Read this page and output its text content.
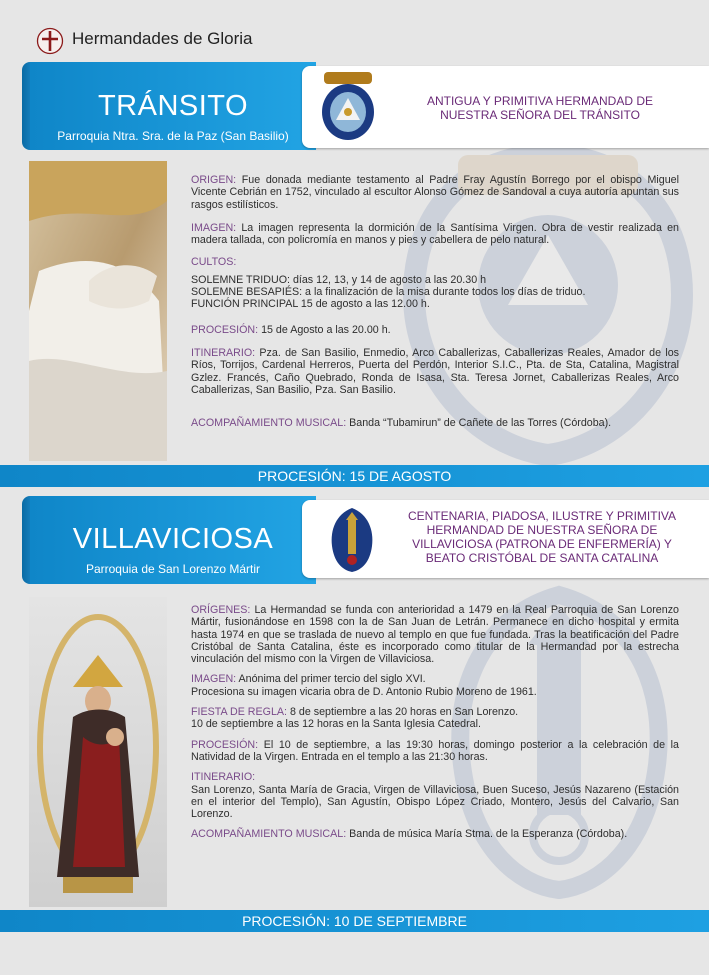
Hermandades de Gloria
TRÁNSITO
Parroquia Ntra. Sra. de la Paz (San Basilio)
ANTIGUA Y PRIMITIVA HERMANDAD DE NUESTRA SEÑORA DEL TRÁNSITO

ORIGEN: Fue donada mediante testamento al Padre Fray Agustín Borrego por el obispo Miguel Vicente Cebrián en 1752, vinculado al escultor Alonso Gómez de Sandoval a cuya autoría apuntan sus rasgos estilísticos.

IMAGEN: La imagen representa la dormición de la Santísima Virgen. Obra de vestir realizada en madera tallada, con policromía en manos y pies y cabellera de pelo natural.

CULTOS:

SOLEMNE TRIDUO: días 12, 13, y 14 de agosto a las 20.30 h

SOLEMNE BESAPIÉS: a la finalización de la misa durante todos los días de triduo.

FUNCIÓN PRINCIPAL 15 de agosto a las 12.00 h.

PROCESIÓN: 15 de Agosto a las 20.00 h.

ITINERARIO: Pza. de San Basilio, Enmedio, Arco Caballerizas, Caballerizas Reales, Amador de los Ríos, Torrijos, Cardenal Herreros, Puerta del Perdón, Interior S.I.C., Pta. de Sta, Catalina, Magistral Gzlez. Francés, Caño Quebrado, Ronda de Isasa, Sta. Teresa Jornet, Caballerizas Reales, Arco Caballerizas, San Basilio, Pza. San Basilio.

ACOMPAÑAMIENTO MUSICAL: Banda “Tubamirun” de Cañete de las Torres (Córdoba).

PROCESIÓN: 15 DE AGOSTO
VILLAVICIOSA
Parroquia de San Lorenzo Mártir
CENTENARIA, PIADOSA, ILUSTRE Y PRIMITIVA HERMANDAD DE NUESTRA SEÑORA DE VILLAVICIOSA (PATRONA DE ENFERMERÍA) Y BEATO CRISTÓBAL DE SANTA CATALINA

ORÍGENES: La Hermandad se funda con anterioridad a 1479 en la Real Parroquia de San Lorenzo Mártir, fusionándose en 1598 con la de San Juan de Letrán. Permanece en dicho hospital y ermita hasta 1974 en que se traslada de nuevo al templo en que fue fundada. Tras la beatificación del Padre Cristóbal de Santa Catalina, éste es incorporado como titular de la Hermandad por la estrecha vinculación del mismo con la Virgen de Villaviciosa.

IMAGEN: Anónima del primer tercio del siglo XVI.

Procesiona su imagen vicaria obra de D. Antonio Rubio Moreno de 1961.

FIESTA DE REGLA: 8 de septiembre a las 20 horas en San Lorenzo.

10 de septiembre a las 12 horas en la Santa Iglesia Catedral.

PROCESIÓN: El 10 de septiembre, a las 19:30 horas, domingo posterior a la celebración de la Natividad de la Virgen. Entrada en el templo a las 21:30 horas.

ITINERARIO:

San Lorenzo, Santa María de Gracia, Virgen de Villaviciosa, Buen Suceso, Jesús Nazareno (Estación en el interior del Templo), San Agustín, Obispo López Criado, Montero, Jesús del Calvario, San Lorenzo.

ACOMPAÑAMIENTO MUSICAL: Banda de música María Stma. de la Esperanza (Córdoba).

PROCESIÓN: 10 DE SEPTIEMBRE
